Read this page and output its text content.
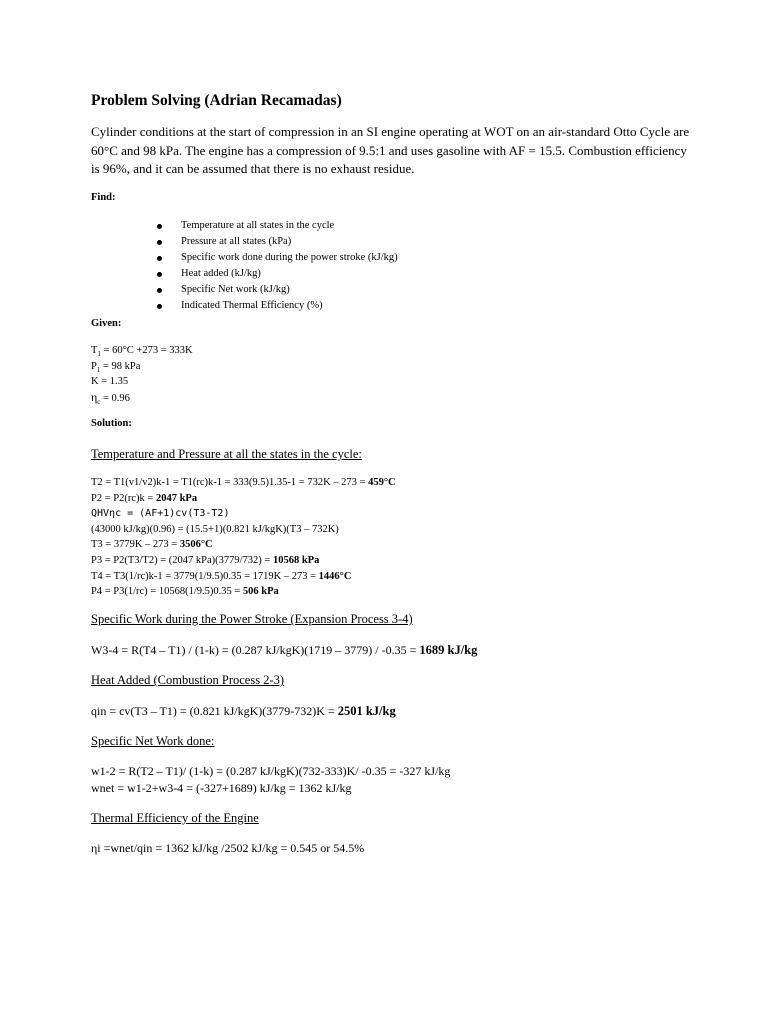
Problem Solving (Adrian Recamadas)
Cylinder conditions at the start of compression in an SI engine operating at WOT on an air-standard Otto Cycle are 60°C and 98 kPa. The engine has a compression of 9.5:1 and uses gasoline with AF = 15.5. Combustion efficiency is 96%, and it can be assumed that there is no exhaust residue.
Find:
Temperature at all states in the cycle
Pressure at all states (kPa)
Specific work done during the power stroke (kJ/kg)
Heat added (kJ/kg)
Specific Net work (kJ/kg)
Indicated Thermal Efficiency (%)
Given:
$T_1 = 60^\circ C +273 = 333K$
$P_1 = 98$ kPa
K = 1.35
$\eta_c = 0.96$
Solution:
Temperature and Pressure at all the states in the cycle:
T2 = T1(v1/v2)k-1 = T1(rc)k-1 = 333(9.5)1.35-1 = 732K – 273 = 459°C
P2 = P2(rc)k = 2047 kPa
QHVηc = (AF+1)cv(T3-T2)
(43000 kJ/kg)(0.96) = (15.5+1)(0.821 kJ/kgK)(T3 – 732K)
T3 = 3779K – 273 = 3506°C
P3 = P2(T3/T2) = (2047 kPa)(3779/732) = 10568 kPa
T4 = T3(1/rc)k-1 = 3779(1/9.5)0.35 = 1719K – 273 = 1446°C
P4 = P3(1/rc) = 10568(1/9.5)0.35 = 506 kPa
Specific Work during the Power Stroke (Expansion Process 3-4)
W3-4 = R(T4 – T1) / (1-k) = (0.287 kJ/kgK)(1719 – 3779) / -0.35 = 1689 kJ/kg
Heat Added (Combustion Process 2-3)
qin = cv(T3 – T1) = (0.821 kJ/kgK)(3779-732)K = 2501 kJ/kg
Specific Net Work done:
w1-2 = R(T2 – T1)/ (1-k) = (0.287 kJ/kgK)(732-333)K/ -0.35 = -327 kJ/kg
wnet = w1-2+w3-4 = (-327+1689) kJ/kg = 1362 kJ/kg
Thermal Efficiency of the Engine
ηi =wnet/qin = 1362 kJ/kg /2502 kJ/kg = 0.545 or 54.5%
